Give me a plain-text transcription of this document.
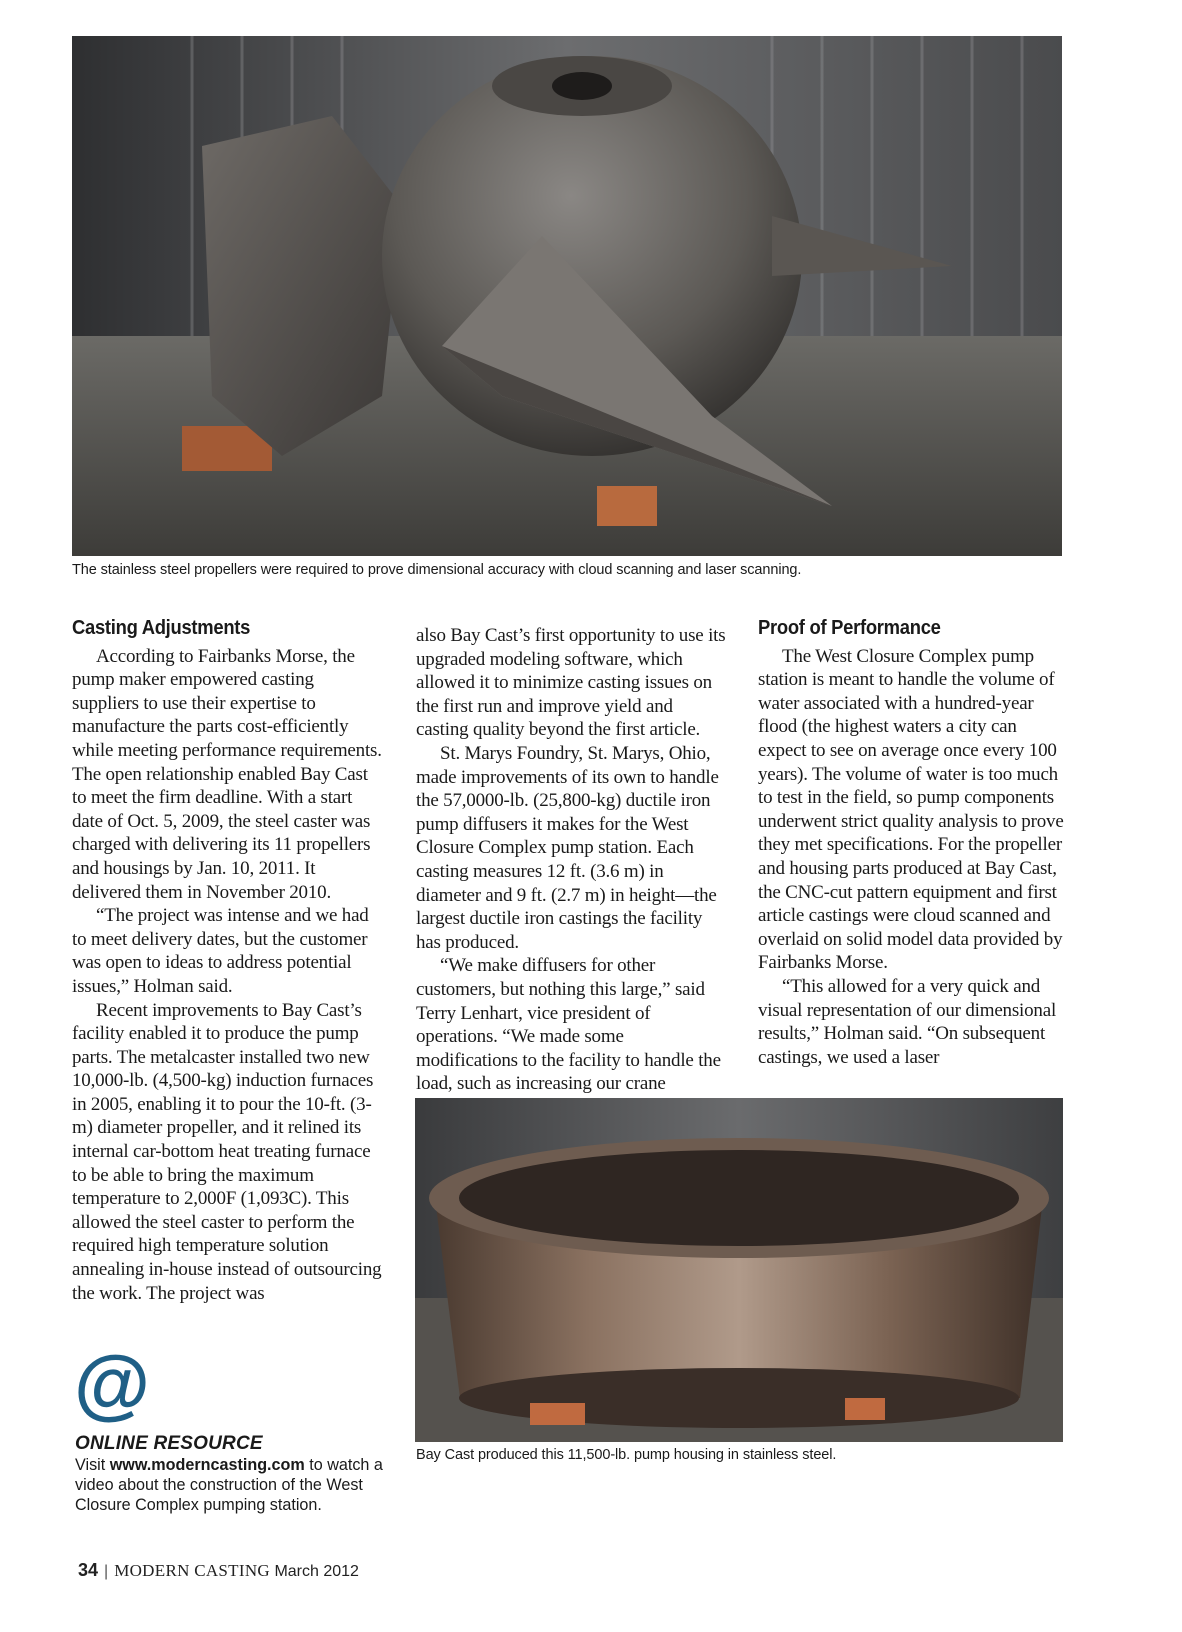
The stainless steel propellers were required to prove dimensional accuracy with cloud scanning and laser scanning.
Casting Adjustments

According to Fairbanks Morse, the pump maker empowered casting suppliers to use their expertise to manufacture the parts cost-efficiently while meeting performance requirements. The open relationship enabled Bay Cast to meet the firm deadline. With a start date of Oct. 5, 2009, the steel caster was charged with delivering its 11 propellers and housings by Jan. 10, 2011. It delivered them in November 2010.

“The project was intense and we had to meet delivery dates, but the customer was open to ideas to address potential issues,” Holman said.

Recent improvements to Bay Cast’s facility enabled it to produce the pump parts. The metalcaster installed two new 10,000-lb. (4,500-kg) induction furnaces in 2005, enabling it to pour the 10-ft. (3-m) diameter propeller, and it relined its internal car-bottom heat treating furnace to be able to bring the maximum temperature to 2,000F (1,093C). This allowed the steel caster to perform the required high temperature solution annealing in-house instead of outsourcing the work. The project was

also Bay Cast’s first opportunity to use its upgraded modeling software, which allowed it to minimize casting issues on the first run and improve yield and casting quality beyond the first article.

St. Marys Foundry, St. Marys, Ohio, made improvements of its own to handle the 57,0000-lb. (25,800-kg) ductile iron pump diffusers it makes for the West Closure Complex pump station. Each casting measures 12 ft. (3.6 m) in diameter and 9 ft. (2.7 m) in height—the largest ductile iron castings the facility has produced.

“We make diffusers for other customers, but nothing this large,” said Terry Lenhart, vice president of operations. “We made some modifications to the facility to handle the load, such as increasing our crane

Proof of Performance

The West Closure Complex pump station is meant to handle the volume of water associated with a hundred-year flood (the highest waters a city can expect to see on average once every 100 years). The volume of water is too much to test in the field, so pump components underwent strict quality analysis to prove they met specifications. For the propeller and housing parts produced at Bay Cast, the CNC-cut pattern equipment and first article castings were cloud scanned and overlaid on solid model data provided by Fairbanks Morse.

“This allowed for a very quick and visual representation of our dimensional results,” Holman said. “On subsequent castings, we used a laser

Bay Cast produced this 11,500-lb. pump housing in stainless steel.
@
ONLINE RESOURCE
Visit www.moderncasting.com to watch a video about the construction of the West Closure Complex pumping station.
34 | MODERN CASTING March 2012
